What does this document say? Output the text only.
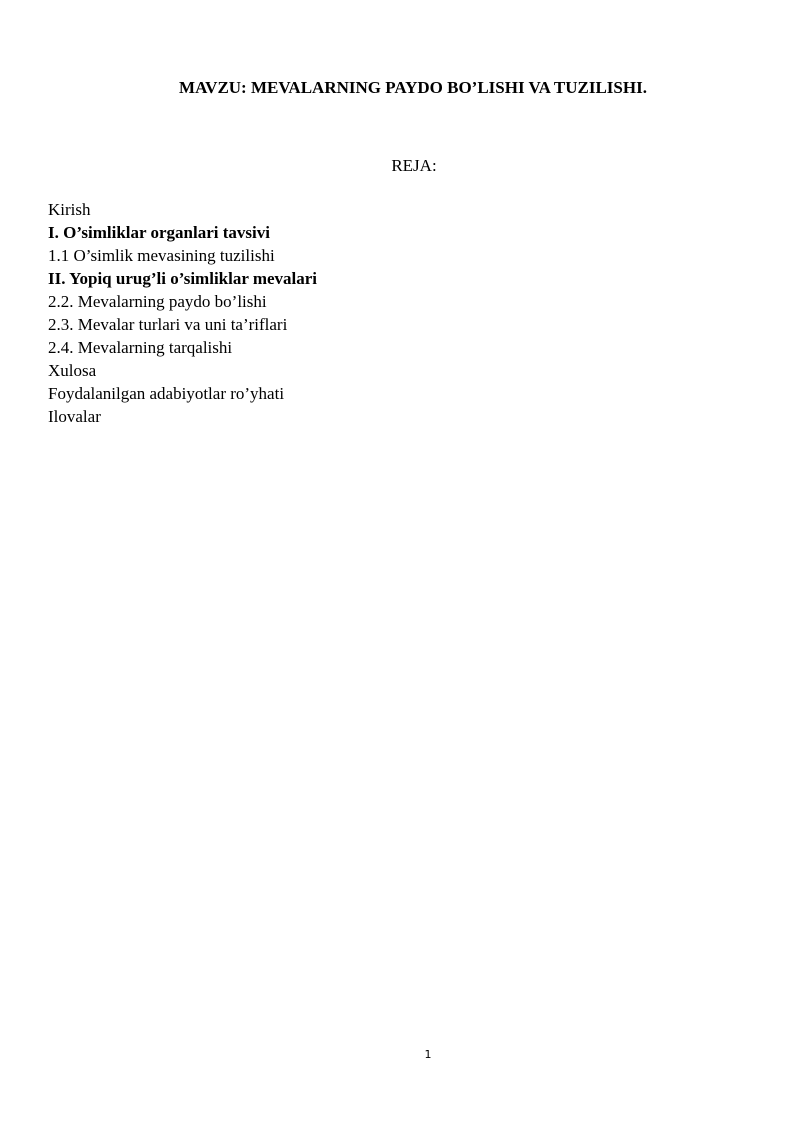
MAVZU: MEVALARNING PAYDO BO’LISHI VA TUZILISHI.
REJA:
Kirish
I. O’simliklar organlari tavsivi
1.1 O’simlik mevasining tuzilishi
II. Yopiq urug’li o’simliklar mevalari
2.2. Mevalarning paydo bo’lishi
2.3. Mevalar turlari va uni ta’riflari
2.4. Mevalarning tarqalishi
Xulosa
Foydalanilgan adabiyotlar ro’yhati
Ilovalar
1
